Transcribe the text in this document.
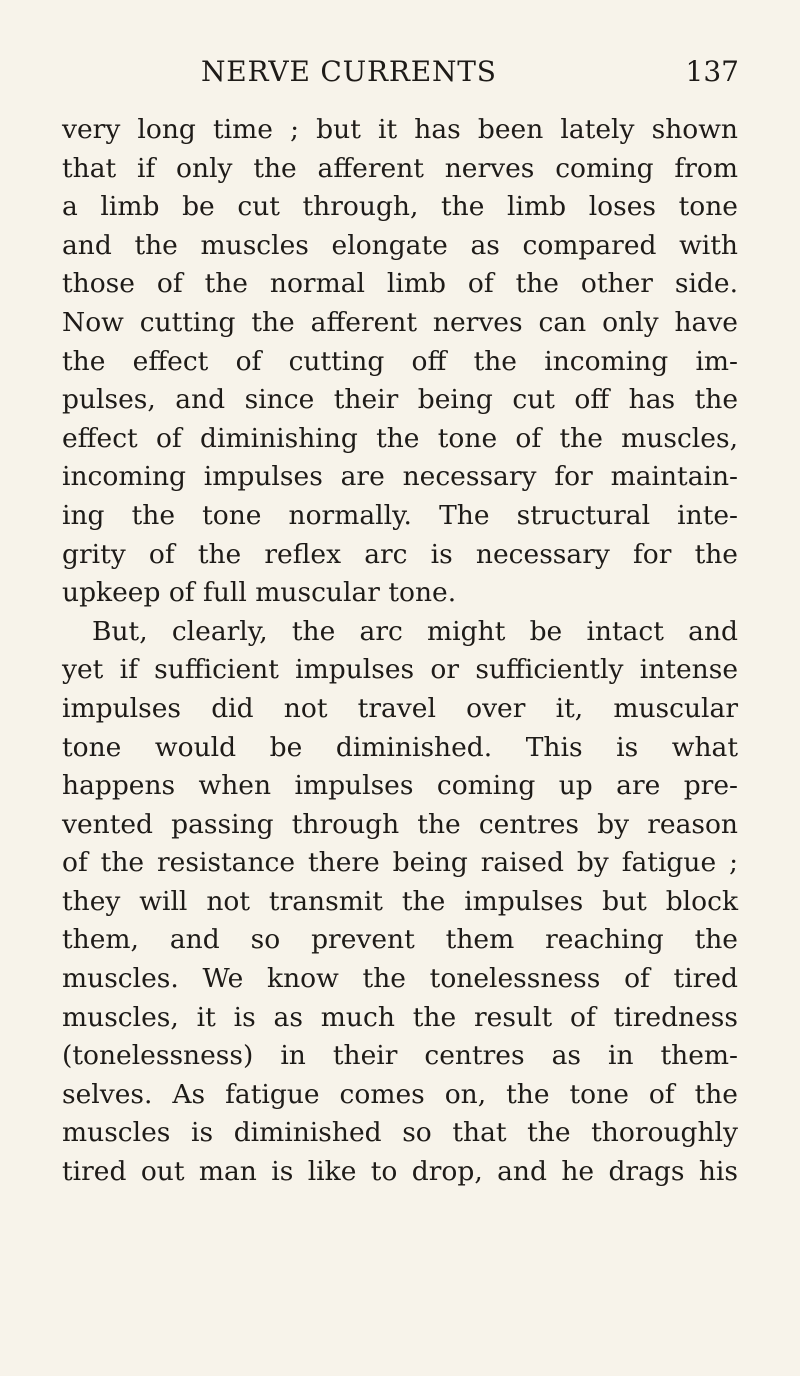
NERVE CURRENTS	137
very long time ; but it has been lately shown
that if only the afferent nerves coming from
a limb be cut through, the limb loses tone
and the muscles elongate as compared with
those of the normal limb of the other side.
Now cutting the afferent nerves can only have
the effect of cutting off the incoming im-
pulses, and since their being cut off has the
effect of diminishing the tone of the muscles,
incoming impulses are necessary for maintain-
ing the tone normally. The structural inte-
grity of the reflex arc is necessary for the
upkeep of full muscular tone.
But, clearly, the arc might be intact and
yet if sufficient impulses or sufficiently intense
impulses did not travel over it, muscular
tone would be diminished. This is what
happens when impulses coming up are pre-
vented passing through the centres by reason
of the resistance there being raised by fatigue ;
they will not transmit the impulses but block
them, and so prevent them reaching the
muscles. We know the tonelessness of tired
muscles, it is as much the result of tiredness
(tonelessness) in their centres as in them-
selves. As fatigue comes on, the tone of the
muscles is diminished so that the thoroughly
tired out man is like to drop, and he drags his
